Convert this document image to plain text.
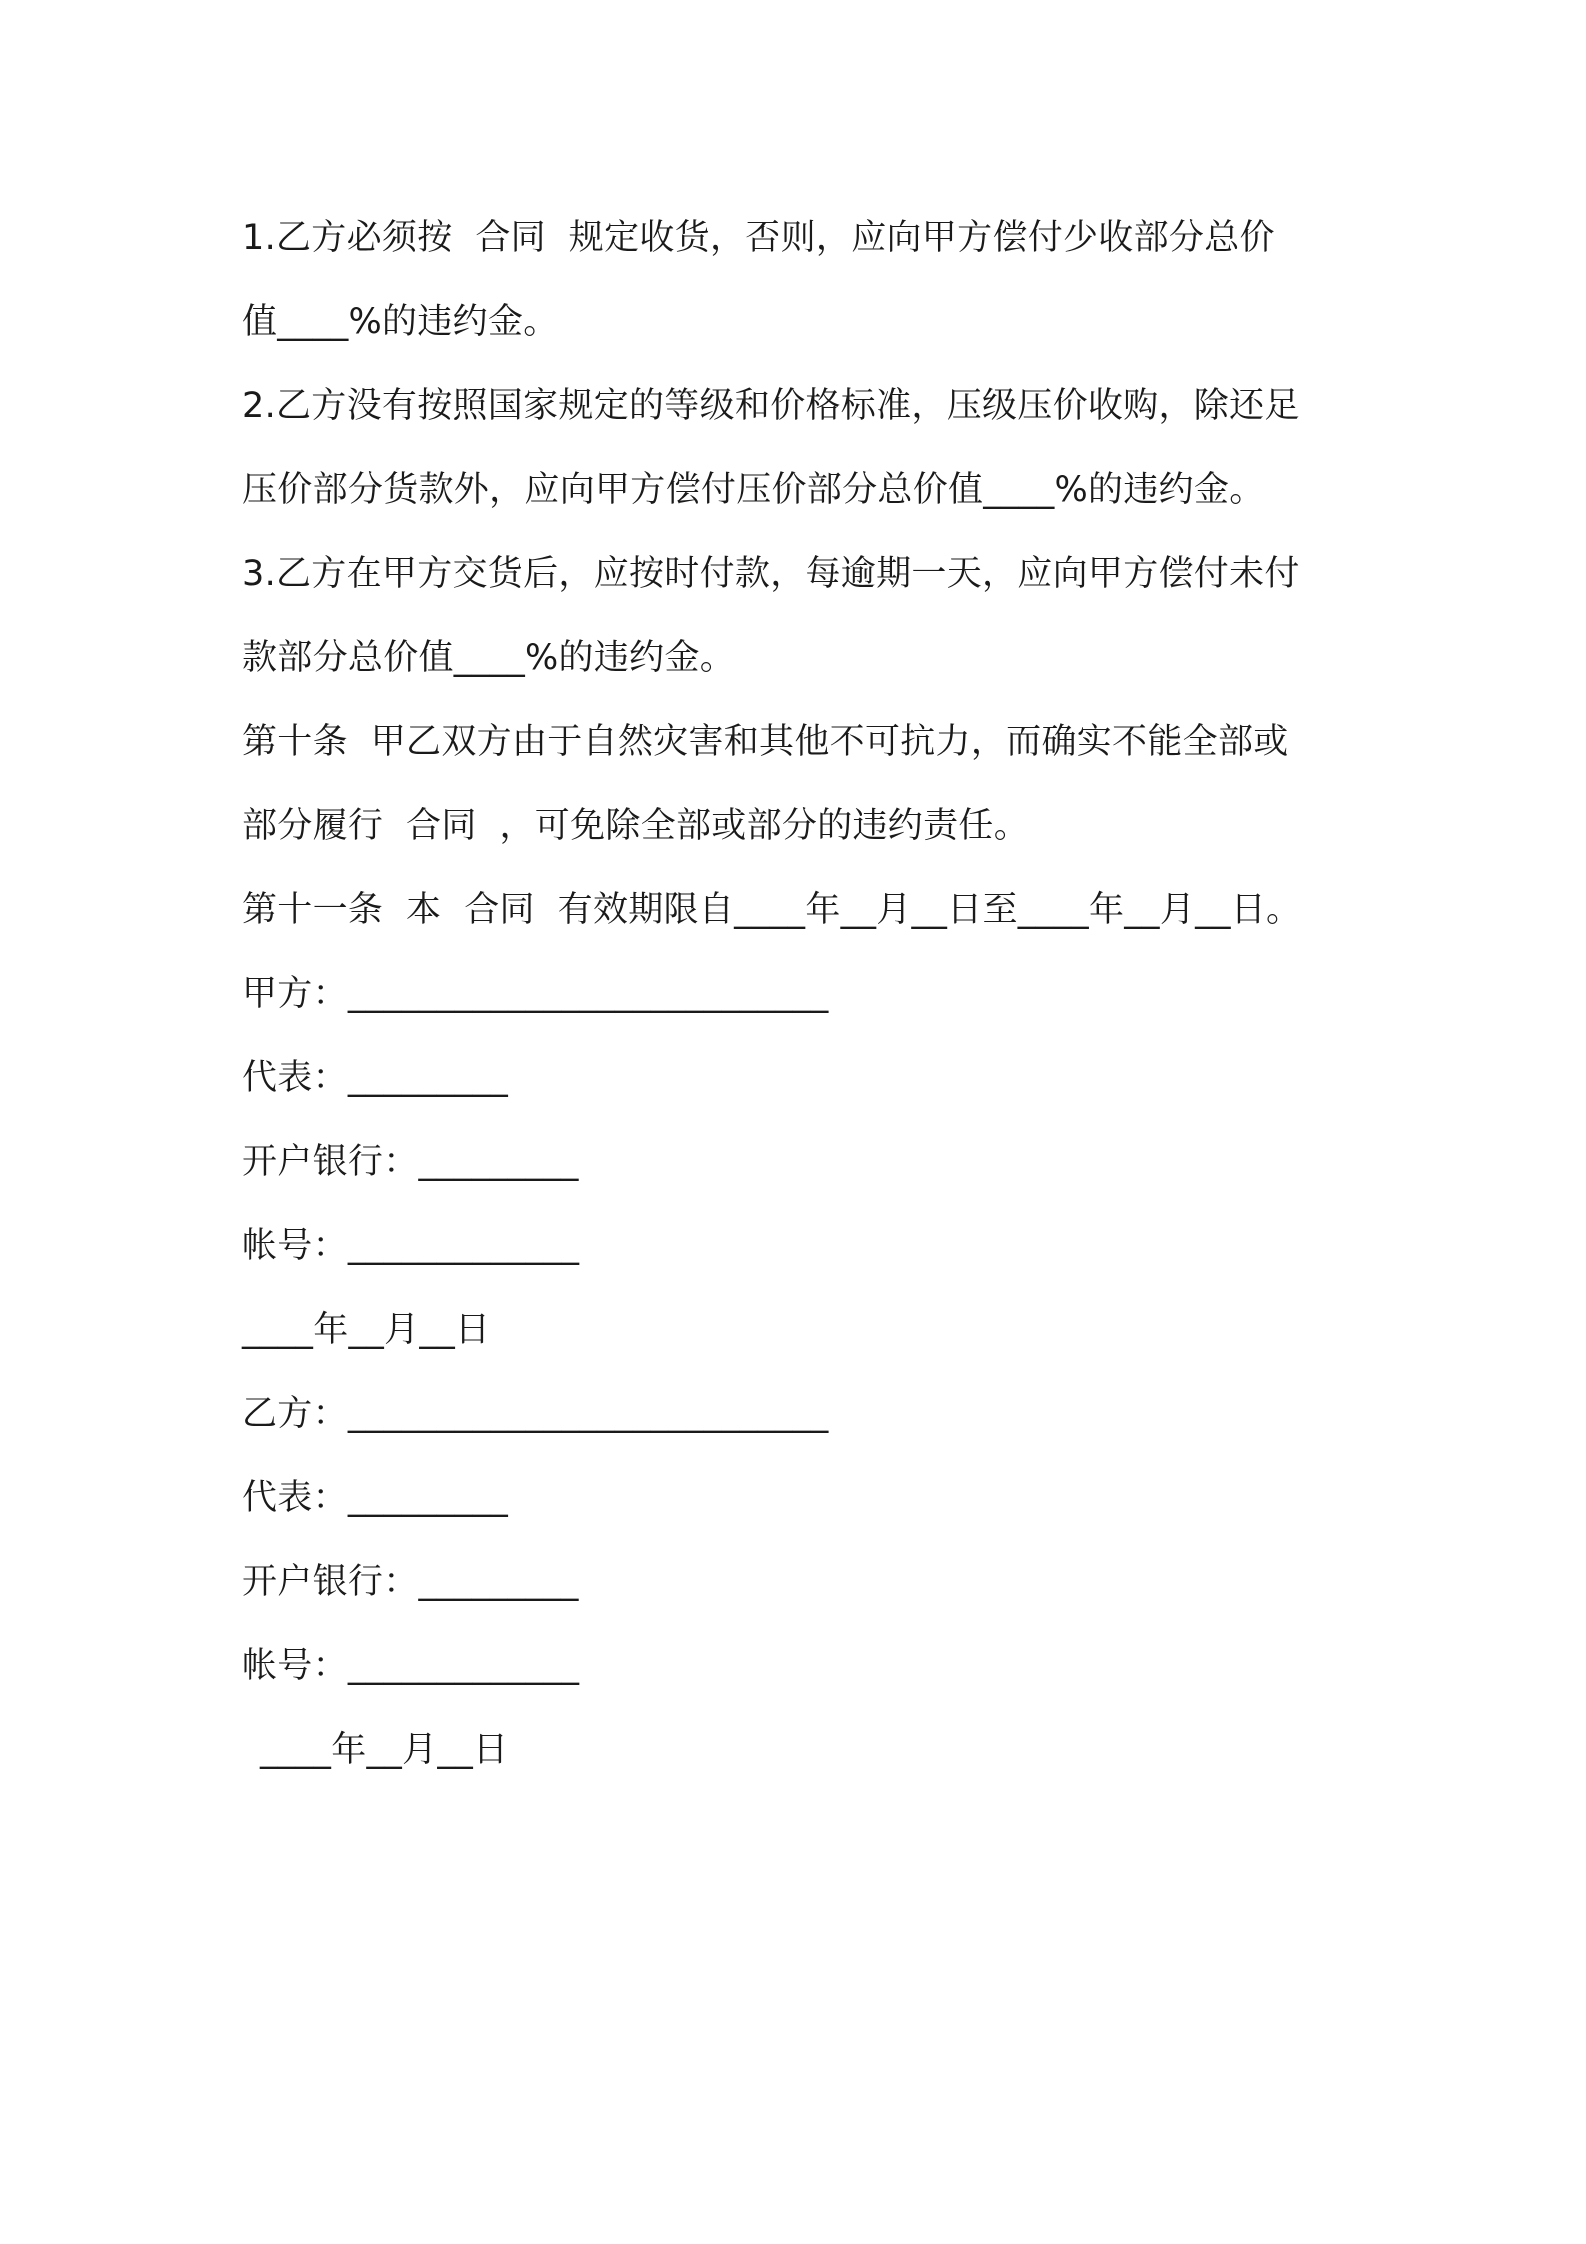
1.乙方必须按  合同  规定收货，否则，应向甲方偿付少收部分总价
值____%的违约金。
2.乙方没有按照国家规定的等级和价格标准，压级压价收购，除还足
压价部分货款外，应向甲方偿付压价部分总价值____%的违约金。
3.乙方在甲方交货后，应按时付款，每逾期一天，应向甲方偿付未付
款部分总价值____%的违约金。
第十条  甲乙双方由于自然灾害和其他不可抗力，而确实不能全部或
部分履行  合同  ，可免除全部或部分的违约责任。
第十一条  本  合同  有效期限自____年__月__日至____年__月__日。
甲方：___________________________
代表：_________
开户银行：_________
帐号：_____________
____年__月__日
乙方：___________________________
代表：_________
开户银行：_________
帐号：_____________
____年__月__日
